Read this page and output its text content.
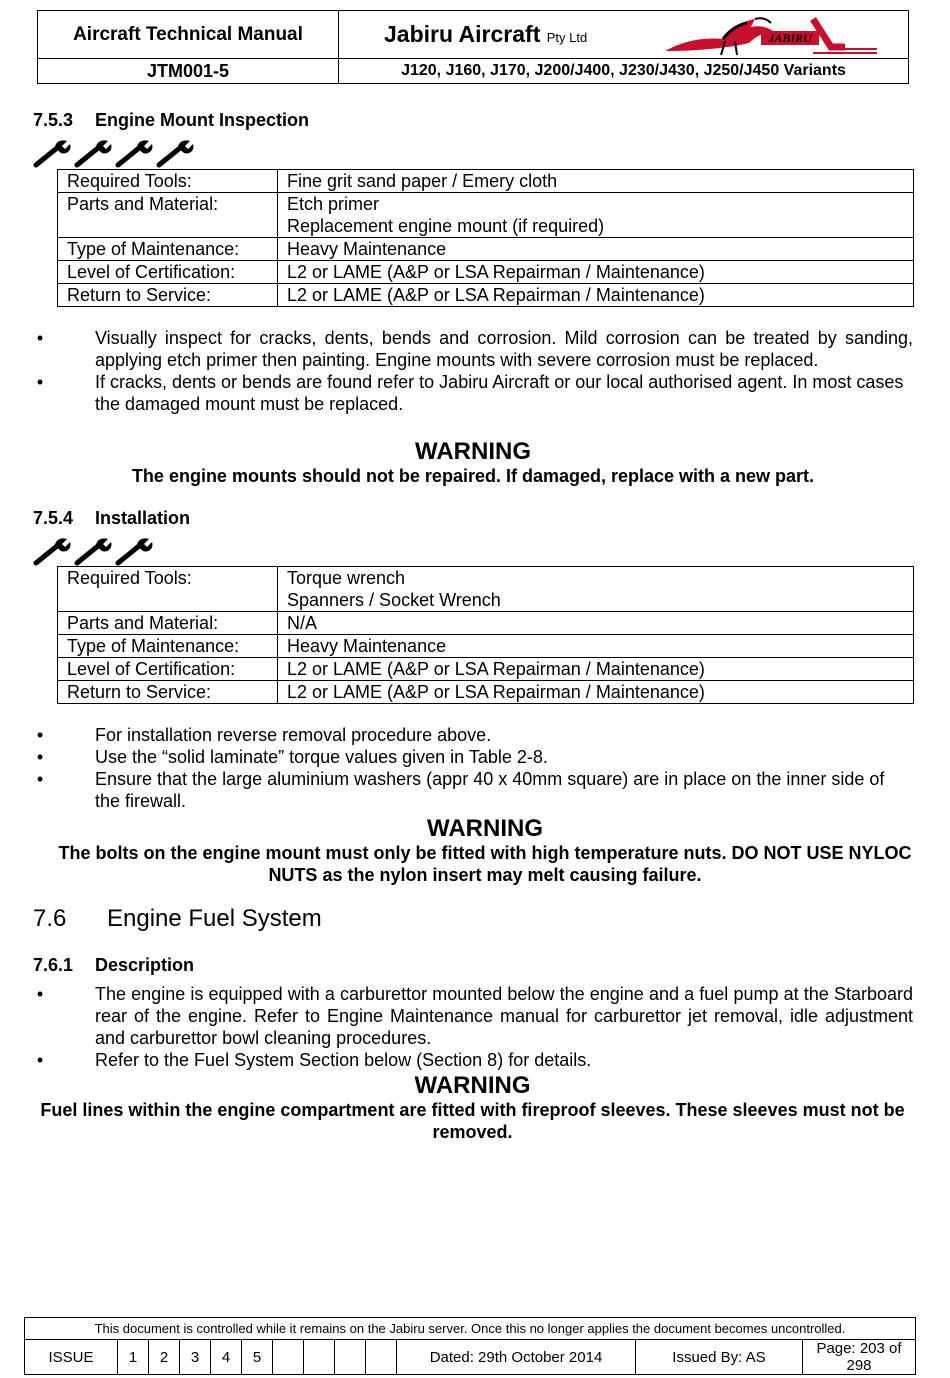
Aircraft Technical Manual	Jabiru Aircraft Pty Ltd JABIRU

JTM001-5	J120, J160, J170, J200/J400, J230/J430, J250/J450 Variants
7.5.3 Engine Mount Inspection
Required Tools:	Fine grit sand paper / Emery cloth

Parts and Material:	Etch primer
Replacement engine mount (if required)

Type of Maintenance:	Heavy Maintenance

Level of Certification:	L2 or LAME (A&P or LSA Repairman / Maintenance)

Return to Service:	L2 or LAME (A&P or LSA Repairman / Maintenance)
•	Visually inspect for cracks, dents, bends and corrosion. Mild corrosion can be treated by sanding, applying etch primer then painting. Engine mounts with severe corrosion must be replaced.
•	If cracks, dents or bends are found refer to Jabiru Aircraft or our local authorised agent. In most cases the damaged mount must be replaced.
WARNING
The engine mounts should not be repaired. If damaged, replace with a new part.
7.5.4 Installation
Required Tools:	Torque wrench
Spanners / Socket Wrench

Parts and Material:	N/A

Type of Maintenance:	Heavy Maintenance

Level of Certification:	L2 or LAME (A&P or LSA Repairman / Maintenance)

Return to Service:	L2 or LAME (A&P or LSA Repairman / Maintenance)
•	For installation reverse removal procedure above.
•	Use the “solid laminate” torque values given in Table 2-8.
•	Ensure that the large aluminium washers (appr 40 x 40mm square) are in place on the inner side of the firewall.
WARNING
The bolts on the engine mount must only be fitted with high temperature nuts. DO NOT USE NYLOC NUTS as the nylon insert may melt causing failure.
7.6 Engine Fuel System
7.6.1 Description
•	The engine is equipped with a carburettor mounted below the engine and a fuel pump at the Starboard rear of the engine. Refer to Engine Maintenance manual for carburettor jet removal, idle adjustment and carburettor bowl cleaning procedures.
•	Refer to the Fuel System Section below (Section 8) for details.
WARNING
Fuel lines within the engine compartment are fitted with fireproof sleeves. These sleeves must not be removed.
This document is controlled while it remains on the Jabiru server. Once this no longer applies the document becomes uncontrolled.
ISSUE	1	2	3	4	5					Dated: 29th October 2014	Issued By: AS	Page: 203 of 298
